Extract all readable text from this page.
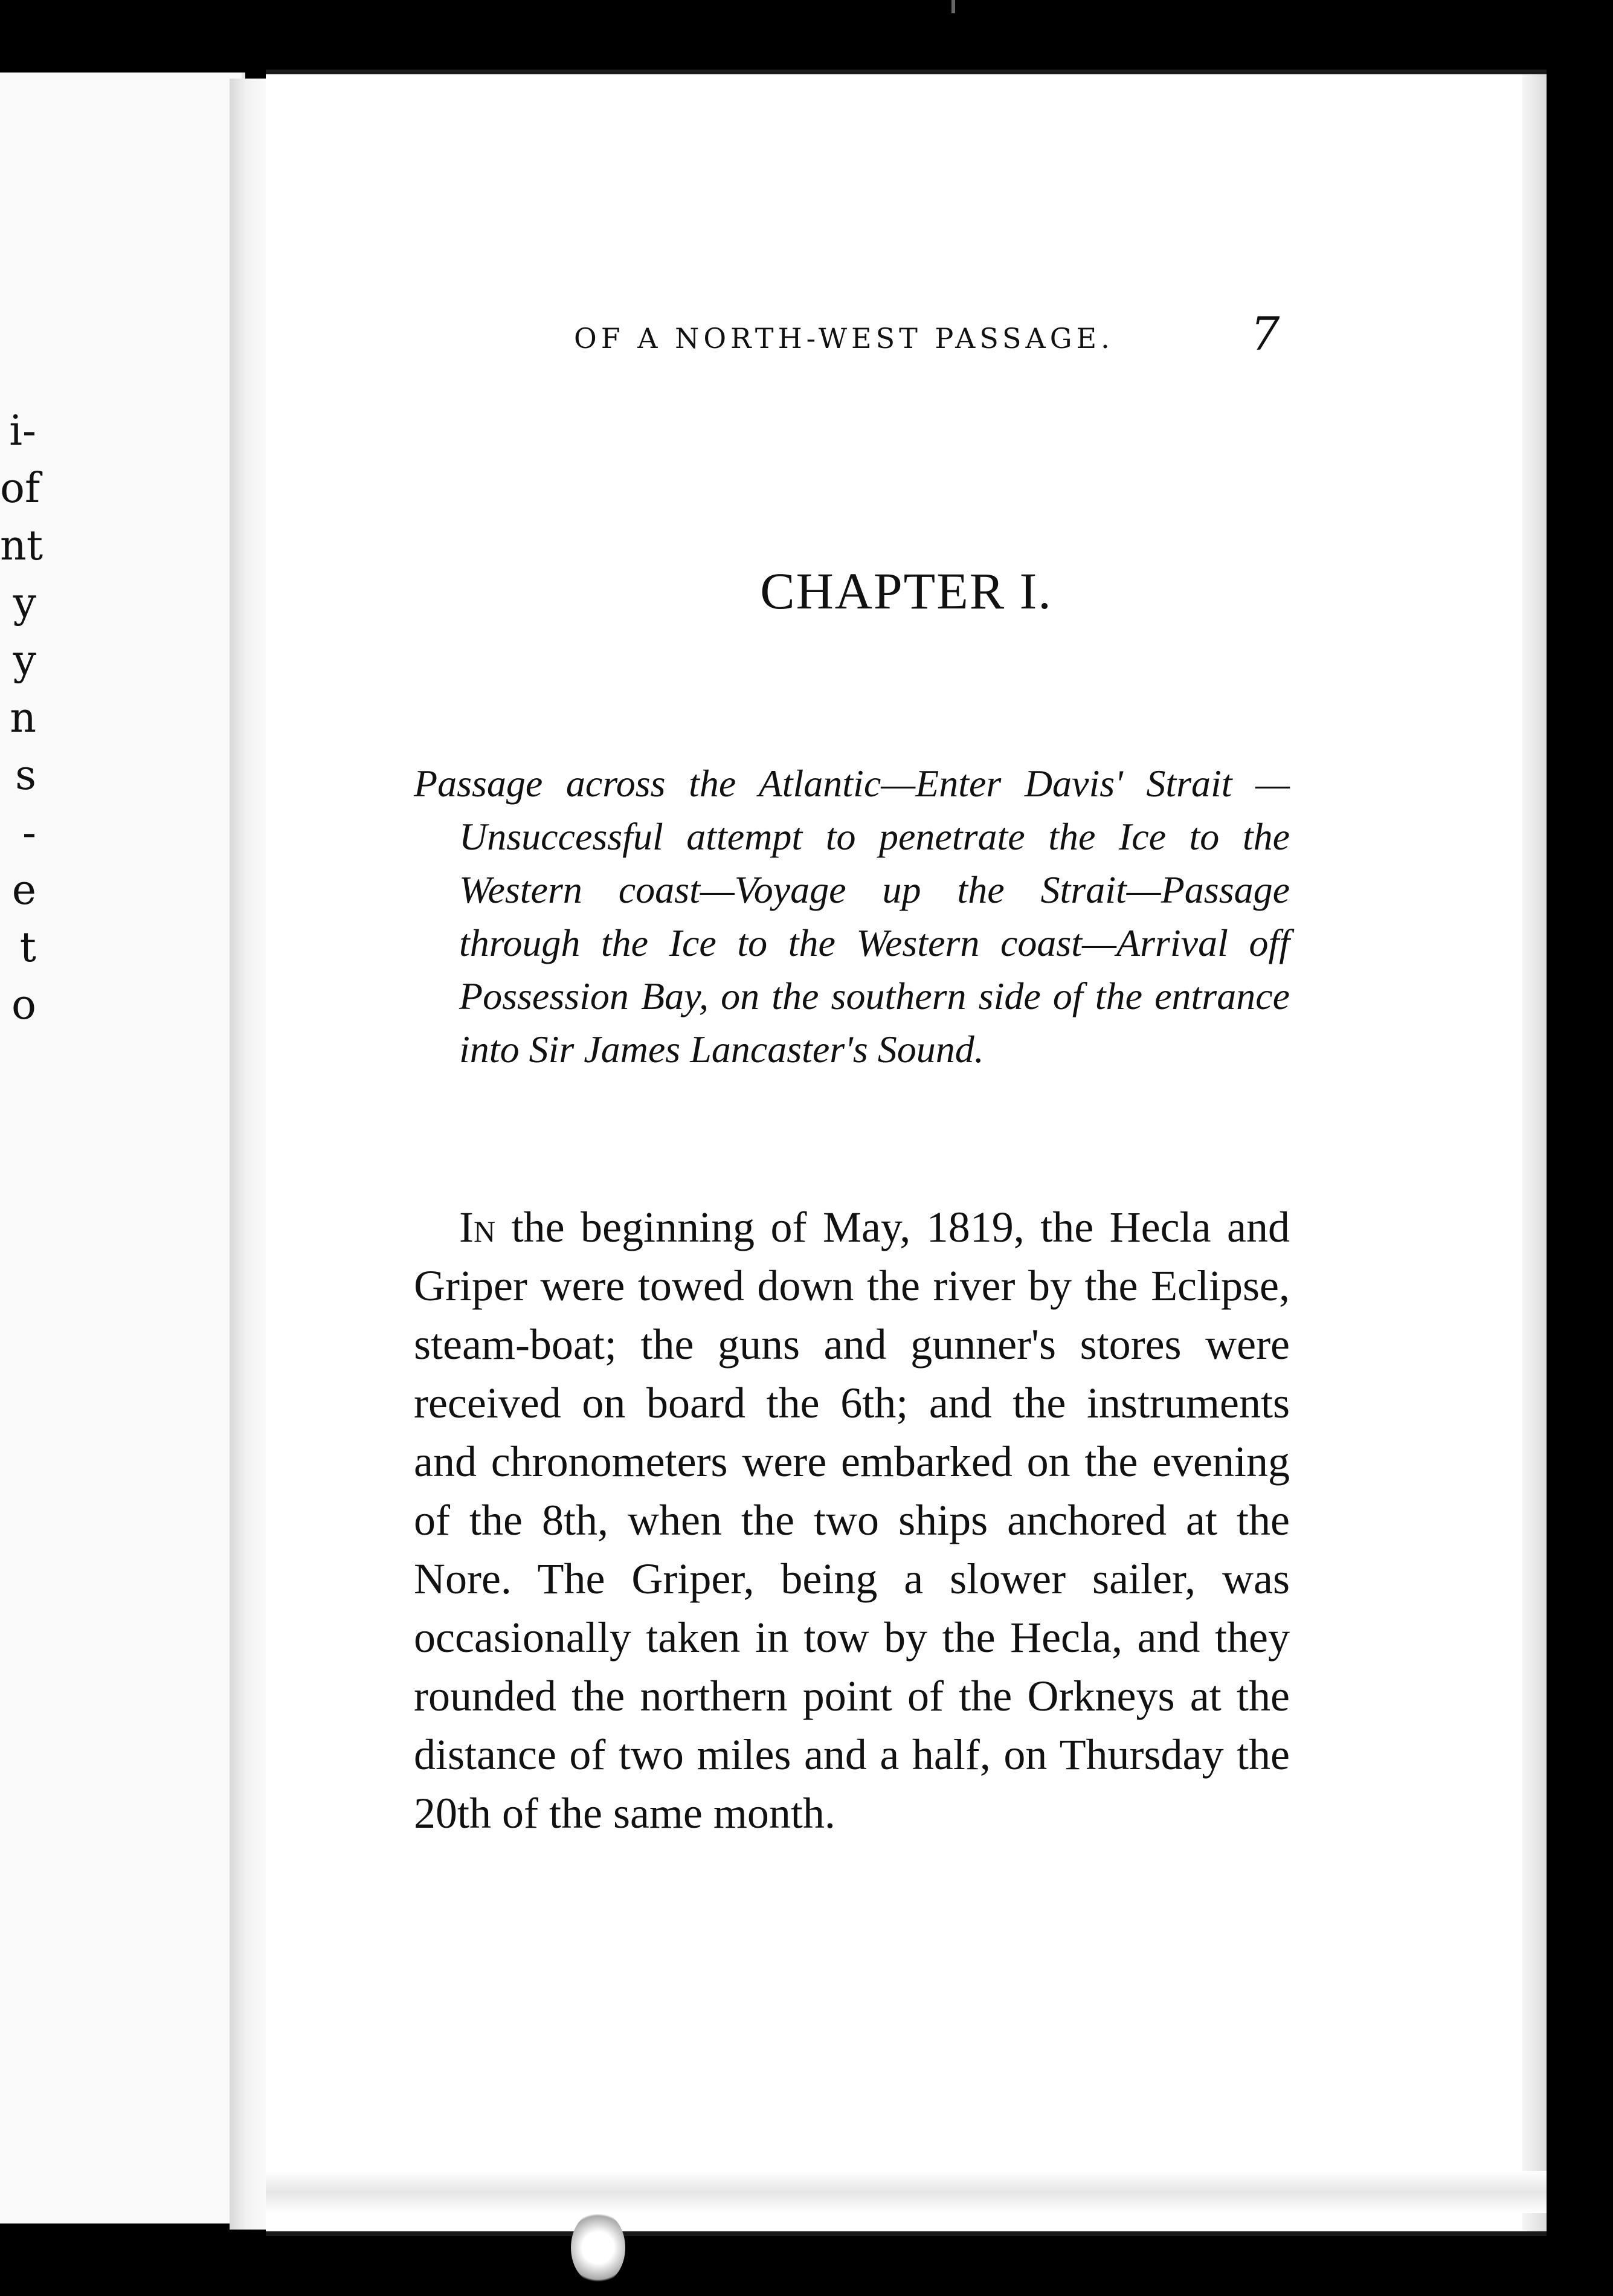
i-
of
nt
y
y
n
s
-
e
t
o
OF A NORTH-WEST PASSAGE.	7
CHAPTER I.
Passage across the Atlantic—Enter Davis' Strait —Unsuccessful attempt to penetrate the Ice to the Western coast—Voyage up the Strait—Passage through the Ice to the Western coast—Arrival off Possession Bay, on the southern side of the entrance into Sir James Lancaster's Sound.
In the beginning of May, 1819, the Hecla and Griper were towed down the river by the Eclipse, steam-boat; the guns and gunner's stores were received on board the 6th; and the instruments and chronometers were embarked on the evening of the 8th, when the two ships anchored at the Nore. The Griper, being a slower sailer, was occasionally taken in tow by the Hecla, and they rounded the northern point of the Orkneys at the distance of two miles and a half, on Thursday the 20th of the same month.
